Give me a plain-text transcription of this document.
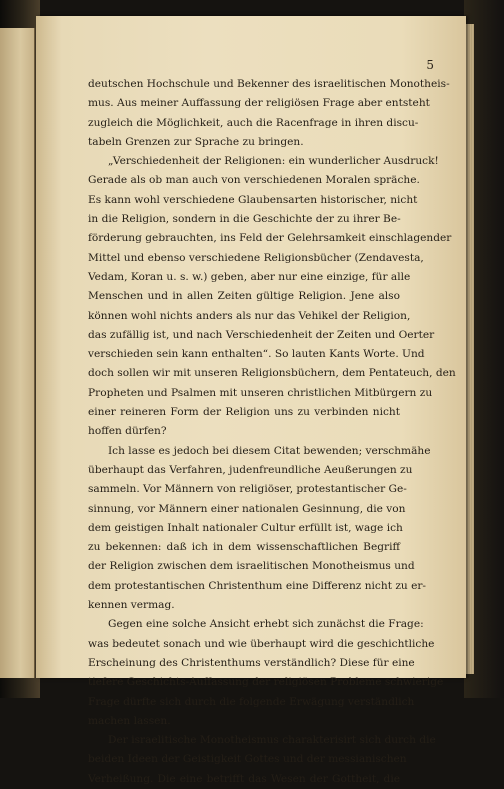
5
deutschen Hochschule und Bekenner des israelitischen Monotheis-
mus. Aus meiner Auffassung der religiösen Frage aber entsteht
zugleich die Möglichkeit, auch die Racenfrage in ihren discu-
tabeln Grenzen zur Sprache zu bringen.
„Verschiedenheit der Religionen: ein wunderlicher Ausdruck!
Gerade als ob man auch von verschiedenen Moralen spräche.
Es kann wohl verschiedene Glaubensarten historischer, nicht
in die Religion, sondern in die Geschichte der zu ihrer Be-
förderung gebrauchten, ins Feld der Gelehrsamkeit einschlagender
Mittel und ebenso verschiedene Religionsbücher (Zendavesta,
Vedam, Koran u. s. w.) geben, aber nur eine einzige, für alle
Menschen und in allen Zeiten gültige Religion. Jene also
können wohl nichts anders als nur das Vehikel der Religion,
das zufällig ist, und nach Verschiedenheit der Zeiten und Oerter
verschieden sein kann enthalten“. So lauten Kants Worte. Und
doch sollen wir mit unseren Religionsbüchern, dem Pentateuch, den
Propheten und Psalmen mit unseren christlichen Mitbürgern zu
einer reineren Form der Religion uns zu verbinden nicht
hoffen dürfen?
Ich lasse es jedoch bei diesem Citat bewenden; verschmähe
überhaupt das Verfahren, judenfreundliche Aeußerungen zu
sammeln. Vor Männern von religiöser, protestantischer Ge-
sinnung, vor Männern einer nationalen Gesinnung, die von
dem geistigen Inhalt nationaler Cultur erfüllt ist, wage ich
zu bekennen: daß ich in dem wissenschaftlichen Begriff
der Religion zwischen dem israelitischen Monotheismus und
dem protestantischen Christenthum eine Differenz nicht zu er-
kennen vermag.
Gegen eine solche Ansicht erhebt sich zunächst die Frage:
was bedeutet sonach und wie überhaupt wird die geschichtliche
Erscheinung des Christenthums verständlich? Diese für eine
tiefere Geschichts-Auffassung der religiösen Probleme schwierige
Frage dürfte sich durch die folgende Erwägung verständlich
machen lassen.
Der israelitische Monotheismus charakterisirt sich durch die
beiden Ideen der Geistigkeit Gottes und der messianischen
Verheißung. Die eine betrifft das Wesen der Gottheit, die
